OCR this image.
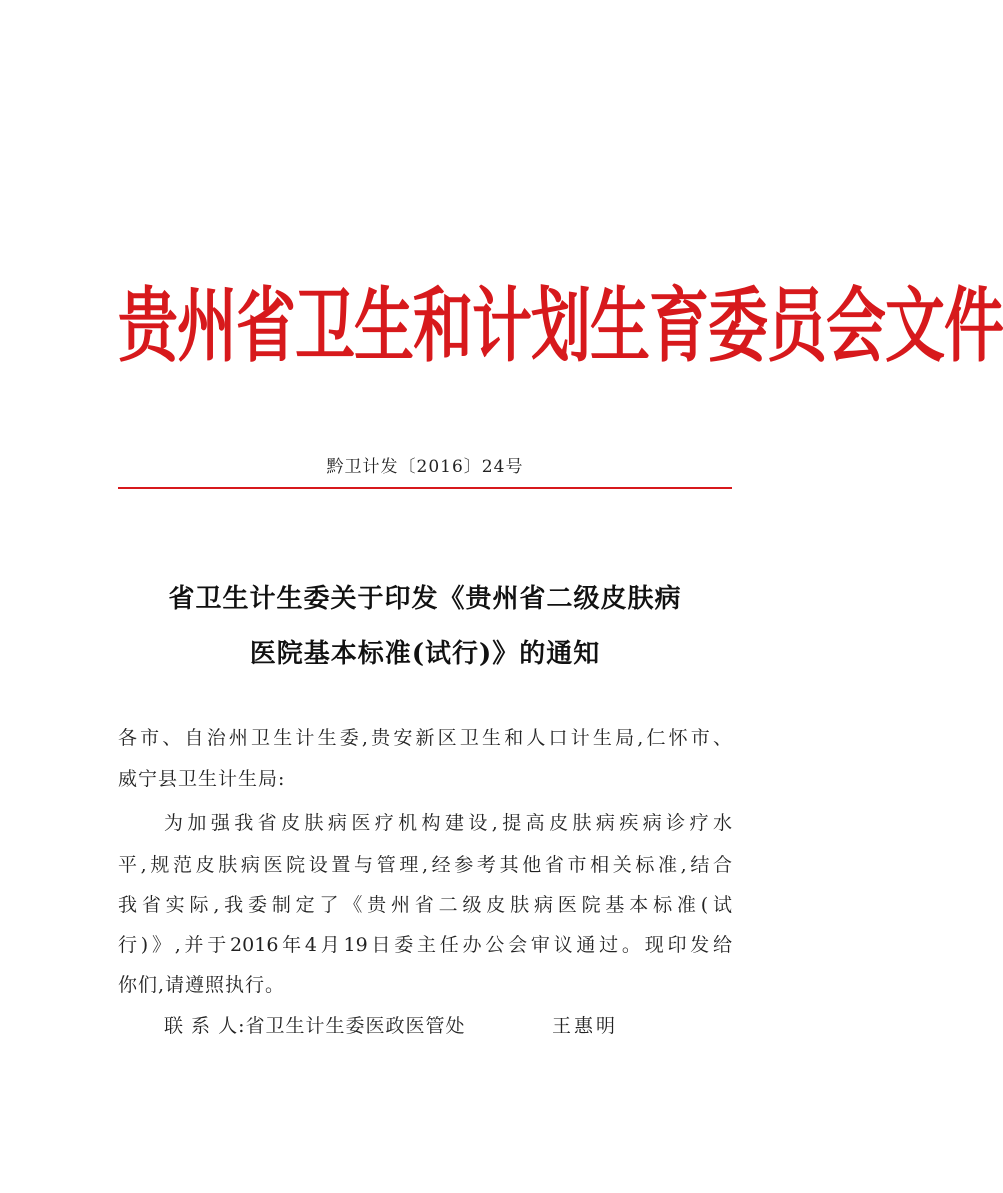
贵州省卫生和计划生育委员会文件
黔卫计发〔2016〕24号
省卫生计生委关于印发《贵州省二级皮肤病
医院基本标准(试行)》的通知
各市、自治州卫生计生委,贵安新区卫生和人口计生局,仁怀市、
威宁县卫生计生局:
为加强我省皮肤病医疗机构建设,提高皮肤病疾病诊疗水
平,规范皮肤病医院设置与管理,经参考其他省市相关标准,结合
我省实际,我委制定了《贵州省二级皮肤病医院基本标准(试
行)》,并于2016年4月19日委主任办公会审议通过。现印发给
你们,请遵照执行。
联 系 人:省卫生计生委医政医管处	王惠明
